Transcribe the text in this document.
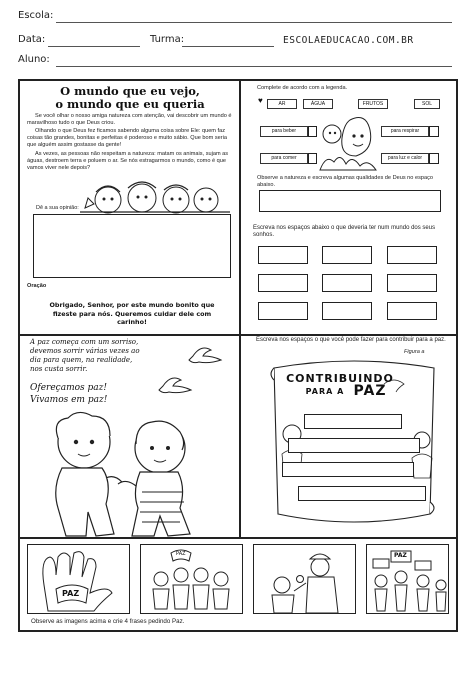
Escola:
Data:	Turma:	ESCOLAEDUCACAO.COM.BR
Aluno:
O mundo que eu vejo,
o mundo que eu queria
Se você olhar o nosso amiga natureza com atenção, vai descobrir um mundo é maravilhoso tudo o que Deus criou.
Olhando o que Deus fez ficamos sabendo alguma coisa sobre Ele: quem faz coisas tão grandes, bonitas e perfeitas é poderoso e muito sábio. Que bom seria que alguém assim gostasse da gente!
As vezes, as pessoas não respeitam a natureza: matam os animais, sujam as águas, destroem terra e poluem o ar. Se nós estragarmos o mundo, como é que vamos viver nele depois?
Dê a sua opinião:
Oração
Obrigado, Senhor, por este mundo bonito que fizeste para nós. Queremos cuidar dele com carinho!
Complete de acordo com a legenda.
♥	AR	ÁGUA	FRUTOS	SOL
para beber	para respirar
para comer	para luz e calor
Observe a natureza e escreva algumas qualidades de Deus no espaço abaixo.
Escreva nos espaços abaixo o que deveria ter num mundo dos seus sonhos.
A paz começa com um sorriso,
devemos sorrir várias vezes ao
dia para quem, na realidade,
nos custa sorrir.
Ofereçamos paz!
Vivamos em paz!
Escreva nos espaços o que você pode fazer para contribuir para a paz.
Figura a
CONTRIBUINDO
PARA A PAZ
PAZ
PAZ	PAZ
Observe as imagens acima e crie 4 frases pedindo Paz.
